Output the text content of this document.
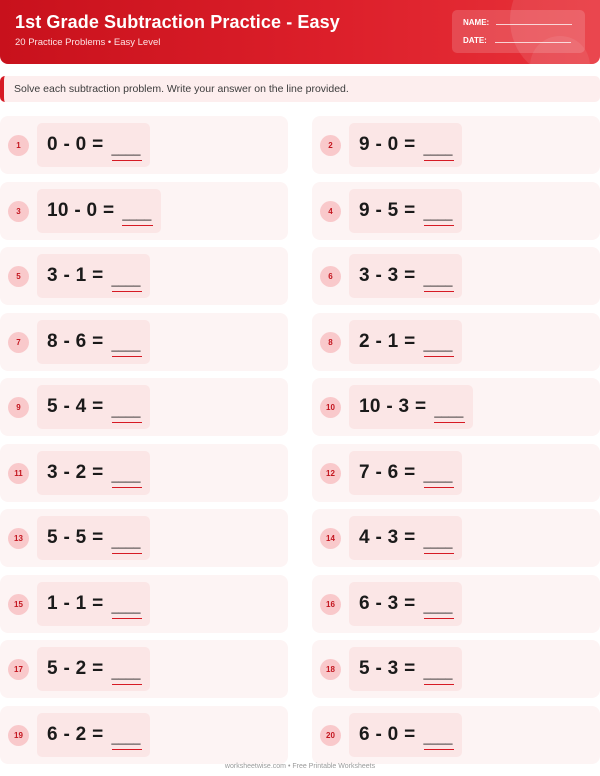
1st Grade Subtraction Practice - Easy
20 Practice Problems • Easy Level
NAME:
DATE:
Solve each subtraction problem. Write your answer on the line provided.
1	0 - 0 = ____	2	9 - 0 = ____
3	10 - 0 = ____	4	9 - 5 = ____
5	3 - 1 = ____	6	3 - 3 = ____
7	8 - 6 = ____	8	2 - 1 = ____
9	5 - 4 = ____	10	10 - 3 = ____
11	3 - 2 = ____	12	7 - 6 = ____
13	5 - 5 = ____	14	4 - 3 = ____
15	1 - 1 = ____	16	6 - 3 = ____
17	5 - 2 = ____	18	5 - 3 = ____
19	6 - 2 = ____	20	6 - 0 = ____
worksheetwise.com • Free Printable Worksheets
